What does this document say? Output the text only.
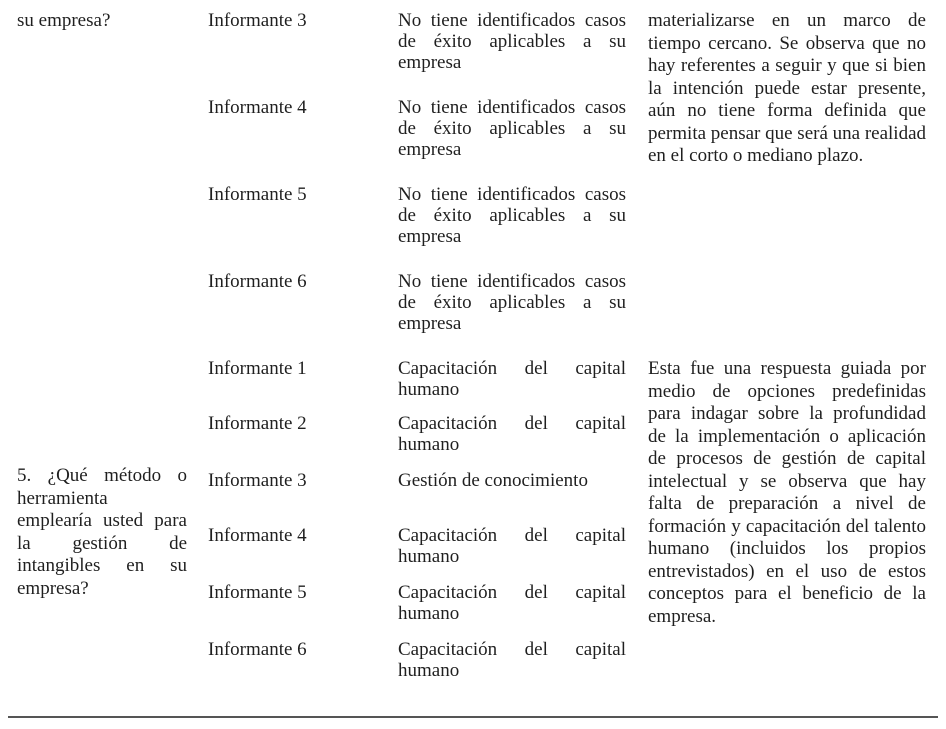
su empresa?	Informante 3	No tiene identificados casos de éxito aplicables a su empresa
Informante 4	No tiene identificados casos de éxito aplicables a su empresa
Informante 5	No tiene identificados casos de éxito aplicables a su empresa
Informante 6	No tiene identificados casos de éxito aplicables a su empresa
materializarse en un marco de tiempo cercano. Se observa que no hay referentes a seguir y que si bien la intención puede estar presente, aún no tiene forma definida que permita pensar que será una realidad en el corto o mediano plazo.
5. ¿Qué método o herramienta emplearía usted para la gestión de intangibles en su empresa?
Informante 1	Capacitación del capital humano
Informante 2	Capacitación del capital humano
Informante 3	Gestión de conocimiento
Informante 4	Capacitación del capital humano
Informante 5	Capacitación del capital humano
Informante 6	Capacitación del capital humano
Esta fue una respuesta guiada por medio de opciones predefinidas para indagar sobre la profundidad de la implementación o aplicación de procesos de gestión de capital intelectual y se observa que hay falta de preparación a nivel de formación y capacitación del talento humano (incluidos los propios entrevistados) en el uso de estos conceptos para el beneficio de la empresa.
